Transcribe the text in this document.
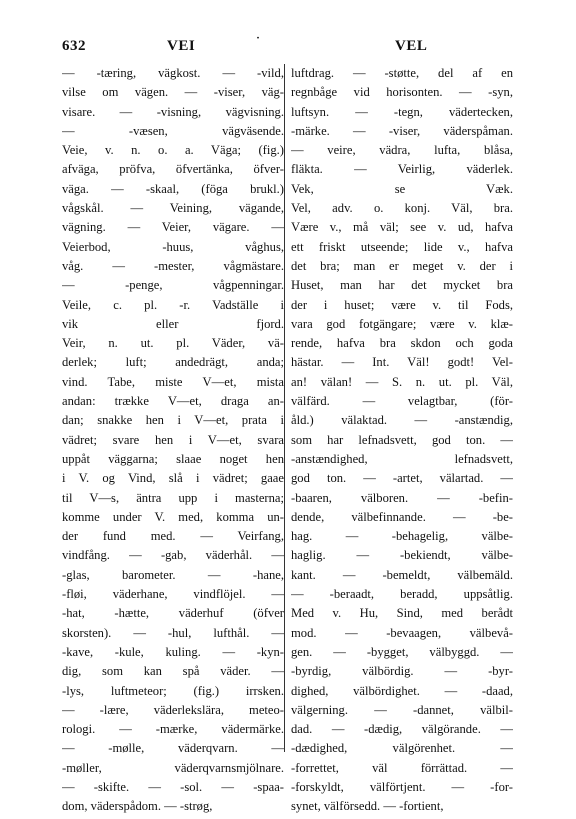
632	VEI	˙	VEL
— -tæring, vägkost. — -vild,
vilse om vägen. — -viser, väg-
visare. — -visning, vägvisning.
— -væsen, vägväsende.
Veie, v. n. o. a. Väga; (fig.)
afväga, pröfva, öfvertänka, öfver-
väga. — -skaal, (föga brukl.)
vågskål. — Veining, vägande,
vägning. — Veier, vägare. —
Veierbod, -huus, våghus,
våg. — -mester, vågmästare.
— -penge, vågpenningar.
Veile, c. pl. -r. Vadställe i
vik eller fjord.
Veir, n. ut. pl. Väder, vä-
derlek; luft; andedrägt, anda;
vind. Tabe, miste V—et, mista
andan: trække V—et, draga an-
dan; snakke hen i V—et, prata i
vädret; svare hen i V—et, svara
uppåt väggarna; slaae noget hen
i V. og Vind, slå i vädret; gaae
til V—s, äntra upp i masterna;
komme under V. med, komma un-
der fund med. — Veirfang,
vindfång. — -gab, väderhål. —
-glas, barometer. — -hane,
-fløi, väderhane, vindflöjel. —
-hat, -hætte, väderhuf (öfver
skorsten). — -hul, lufthål. —
-kave, -kule, kuling. — -kyn-
dig, som kan spå väder. —
-lys, luftmeteor; (fig.) irrsken.
— -lære, väderlekslära, meteo-
rologi. — -mærke, vädermärke.
— -mølle, väderqvarn. —
-møller, väderqvarnsmjölnare.
— -skifte. — -sol. — -spaa-
dom, väderspådom. — -strøg,
luftdrag. — -støtte, del af en
regnbåge vid horisonten. — -syn,
luftsyn. — -tegn, vädertecken,
-märke. — -viser, väderspåman.
— veire, vädra, lufta, blåsa,
fläkta. — Veirlig, väderlek.
Vek, se Væk.
Vel, adv. o. konj. Väl, bra.
Være v., må väl; see v. ud, hafva
ett friskt utseende; lide v., hafva
det bra; man er meget v. der i
Huset, man har det mycket bra
der i huset; være v. til Fods,
vara god fotgängare; være v. klæ-
rende, hafva bra skdon och goda
hästar. — Int. Väl! godt! Vel-
an! välan! — S. n. ut. pl. Väl,
välfärd. — velagtbar, (för-
åld.) välaktad. — -anstændig,
som har lefnadsvett, god ton. —
-anstændighed, lefnadsvett,
god ton. — -artet, välartad. —
-baaren, välboren. — -befin-
dende, välbefinnande. — -be-
hag. — -behagelig, välbe-
haglig. — -bekiendt, välbe-
kant. — -bemeldt, välbemäld.
— -beraadt, beradd, uppsåtlig.
Med v. Hu, Sind, med berådt
mod. — -bevaagen, välbevå-
gen. — -bygget, välbyggd. —
-byrdig, välbördig. — -byr-
dighed, välbördighet. — -daad,
välgerning. — -dannet, välbil-
dad. — -dædig, välgörande. —
-dædighed, välgörenhet. —
-forrettet, väl förrättad. —
-forskyldt, välförtjent. — -for-
synet, välförsedd. — -fortient,
